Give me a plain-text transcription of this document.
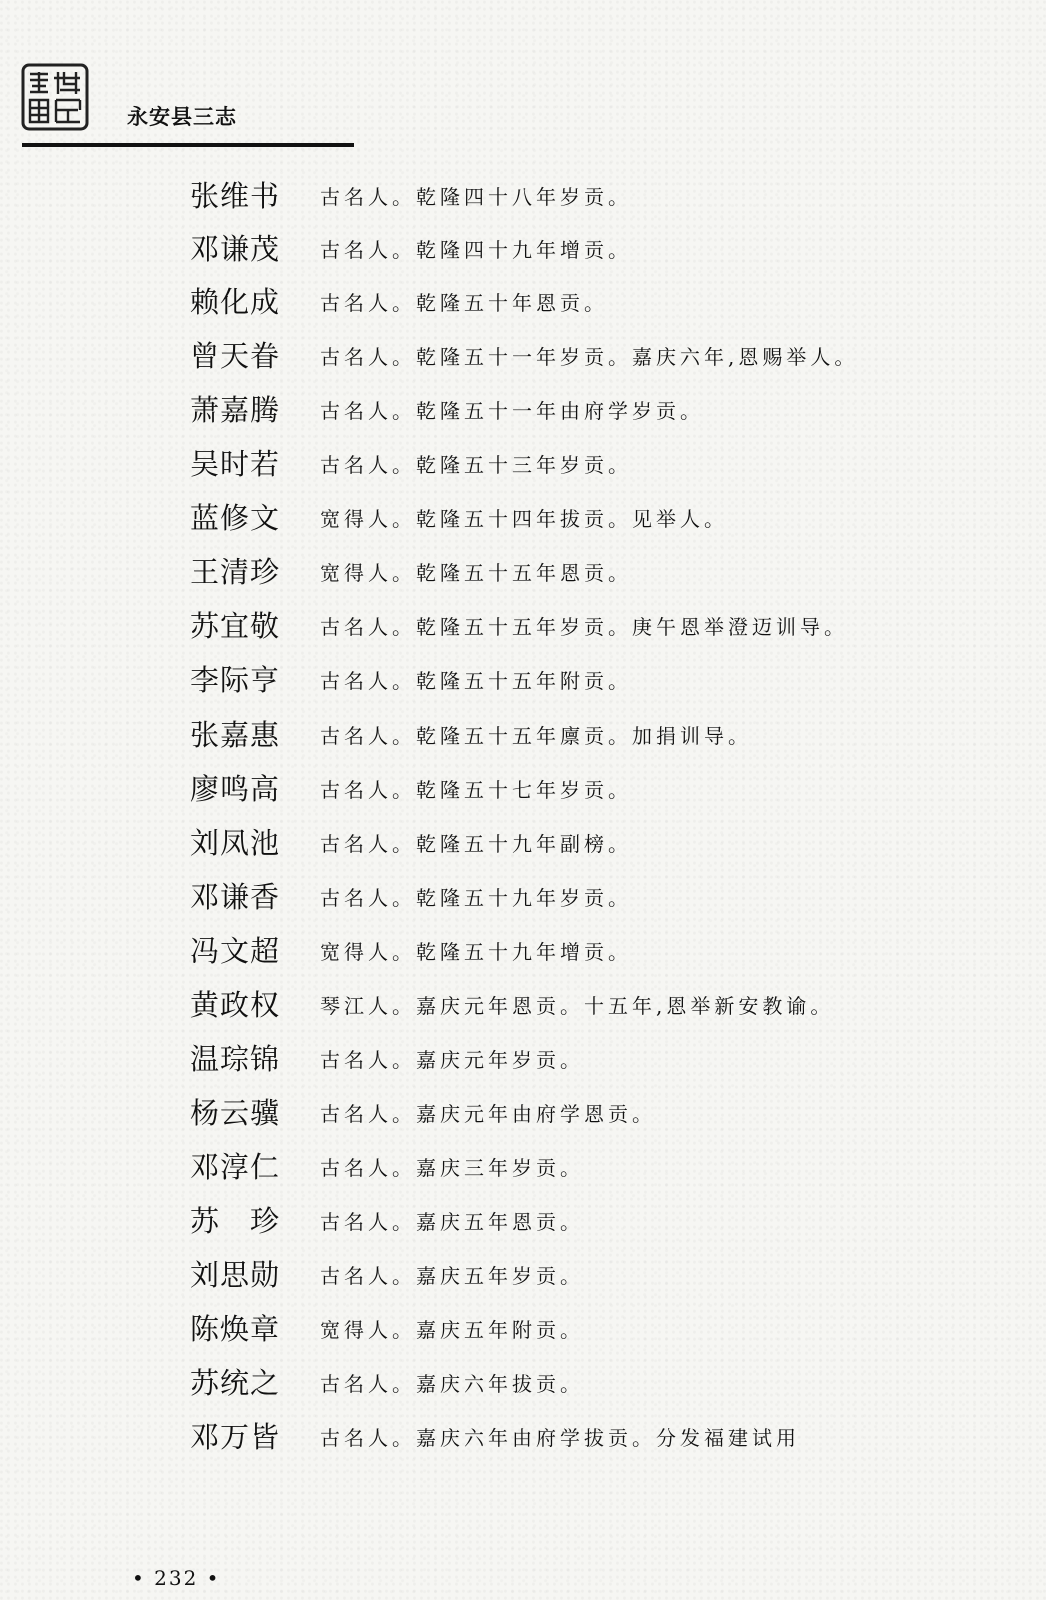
永安县三志
张维书 古名人。乾隆四十八年岁贡。
邓谦茂 古名人。乾隆四十九年增贡。
赖化成 古名人。乾隆五十年恩贡。
曾天眷 古名人。乾隆五十一年岁贡。嘉庆六年,恩赐举人。
萧嘉腾 古名人。乾隆五十一年由府学岁贡。
吴时若 古名人。乾隆五十三年岁贡。
蓝修文 宽得人。乾隆五十四年拔贡。见举人。
王清珍 宽得人。乾隆五十五年恩贡。
苏宜敬 古名人。乾隆五十五年岁贡。庚午恩举澄迈训导。
李际亨 古名人。乾隆五十五年附贡。
张嘉惠 古名人。乾隆五十五年廪贡。加捐训导。
廖鸣高 古名人。乾隆五十七年岁贡。
刘凤池 古名人。乾隆五十九年副榜。
邓谦香 古名人。乾隆五十九年岁贡。
冯文超 宽得人。乾隆五十九年增贡。
黄政权 琴江人。嘉庆元年恩贡。十五年,恩举新安教谕。
温琮锦 古名人。嘉庆元年岁贡。
杨云骥 古名人。嘉庆元年由府学恩贡。
邓淳仁 古名人。嘉庆三年岁贡。
苏　珍 古名人。嘉庆五年恩贡。
刘思勋 古名人。嘉庆五年岁贡。
陈焕章 宽得人。嘉庆五年附贡。
苏统之 古名人。嘉庆六年拔贡。
邓万皆 古名人。嘉庆六年由府学拔贡。分发福建试用
• 232 •
